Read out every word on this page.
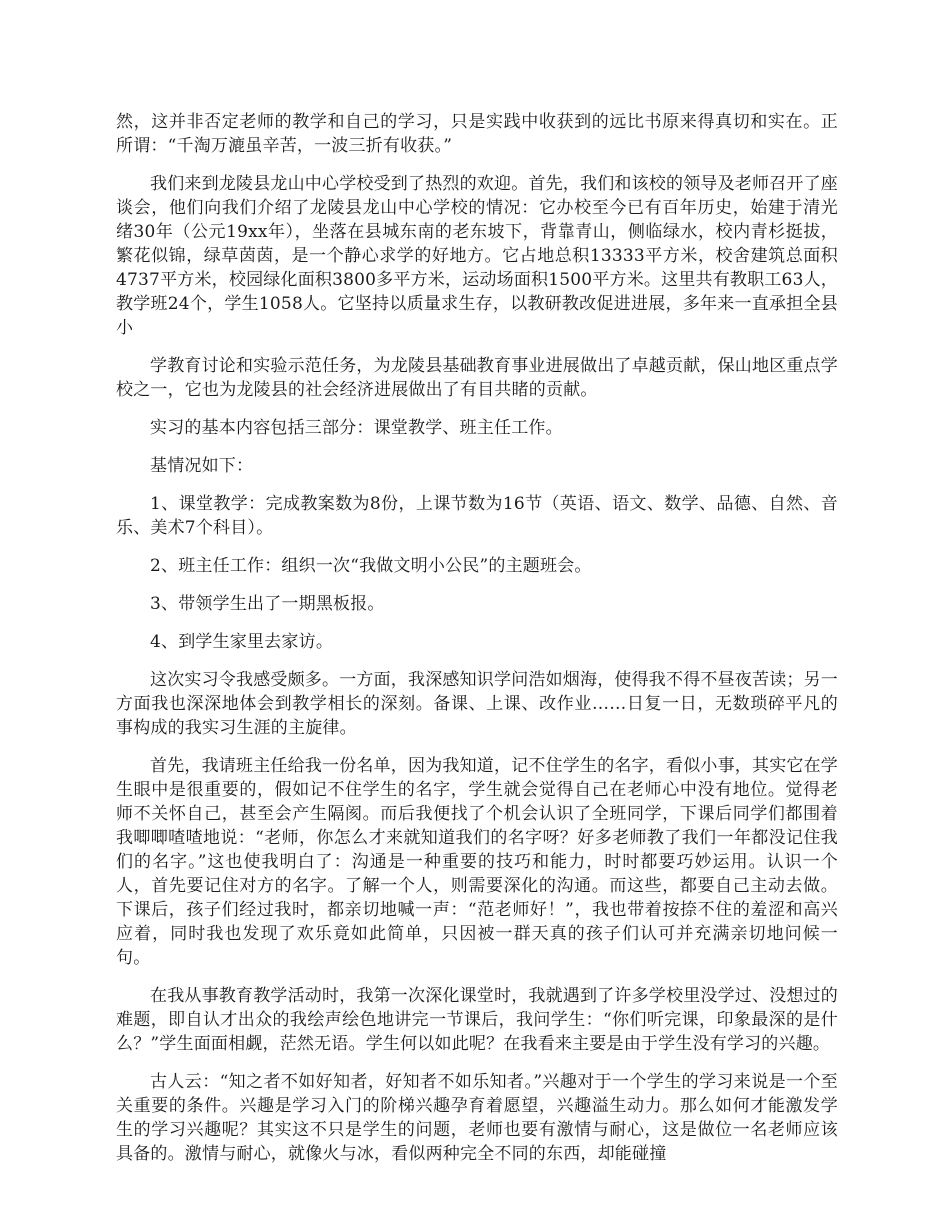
然，这并非否定老师的教学和自己的学习，只是实践中收获到的远比书原来得真切和实在。正所谓：“千淘万漉虽辛苦，一波三折有收获。”

我们来到龙陵县龙山中心学校受到了热烈的欢迎。首先，我们和该校的领导及老师召开了座谈会，他们向我们介绍了龙陵县龙山中心学校的情况：它办校至今已有百年历史，始建于清光绪30年（公元19xx年），坐落在县城东南的老东坡下，背靠青山，侧临绿水，校内青杉挺拔，繁花似锦，绿草茵茵，是一个静心求学的好地方。它占地总积13333平方米，校舍建筑总面积4737平方米，校园绿化面积3800多平方米，运动场面积1500平方米。这里共有教职工63人，教学班24个，学生1058人。它坚持以质量求生存，以教研教改促进进展，多年来一直承担全县小

学教育讨论和实验示范任务，为龙陵县基础教育事业进展做出了卓越贡献，保山地区重点学校之一，它也为龙陵县的社会经济进展做出了有目共睹的贡献。

实习的基本内容包括三部分：课堂教学、班主任工作。

基情况如下：

1、课堂教学：完成教案数为8份，上课节数为16节（英语、语文、数学、品德、自然、音乐、美术7个科目）。

2、班主任工作：组织一次“我做文明小公民”的主题班会。

3、带领学生出了一期黑板报。

4、到学生家里去家访。

这次实习令我感受颇多。一方面，我深感知识学问浩如烟海，使得我不得不昼夜苦读；另一方面我也深深地体会到教学相长的深刻。备课、上课、改作业……日复一日，无数琐碎平凡的事构成的我实习生涯的主旋律。

首先，我请班主任给我一份名单，因为我知道，记不住学生的名字，看似小事，其实它在学生眼中是很重要的，假如记不住学生的名字，学生就会觉得自己在老师心中没有地位。觉得老师不关怀自己，甚至会产生隔阂。而后我便找了个机会认识了全班同学，下课后同学们都围着我唧唧喳喳地说：“老师，你怎么才来就知道我们的名字呀？好多老师教了我们一年都没记住我们的名字。”这也使我明白了：沟通是一种重要的技巧和能力，时时都要巧妙运用。认识一个人，首先要记住对方的名字。了解一个人，则需要深化的沟通。而这些，都要自己主动去做。下课后，孩子们经过我时，都亲切地喊一声：“范老师好！”，我也带着按捺不住的羞涩和高兴应着，同时我也发现了欢乐竟如此简单，只因被一群天真的孩子们认可并充满亲切地问候一句。

在我从事教育教学活动时，我第一次深化课堂时，我就遇到了许多学校里没学过、没想过的难题，即自认才出众的我绘声绘色地讲完一节课后，我问学生：“你们听完课，印象最深的是什么？”学生面面相觑，茫然无语。学生何以如此呢？在我看来主要是由于学生没有学习的兴趣。

古人云：“知之者不如好知者，好知者不如乐知者。”兴趣对于一个学生的学习来说是一个至关重要的条件。兴趣是学习入门的阶梯兴趣孕育着愿望，兴趣溢生动力。那么如何才能激发学生的学习兴趣呢？其实这不只是学生的问题，老师也要有激情与耐心，这是做位一名老师应该具备的。激情与耐心，就像火与冰，看似两种完全不同的东西，却能碰撞
